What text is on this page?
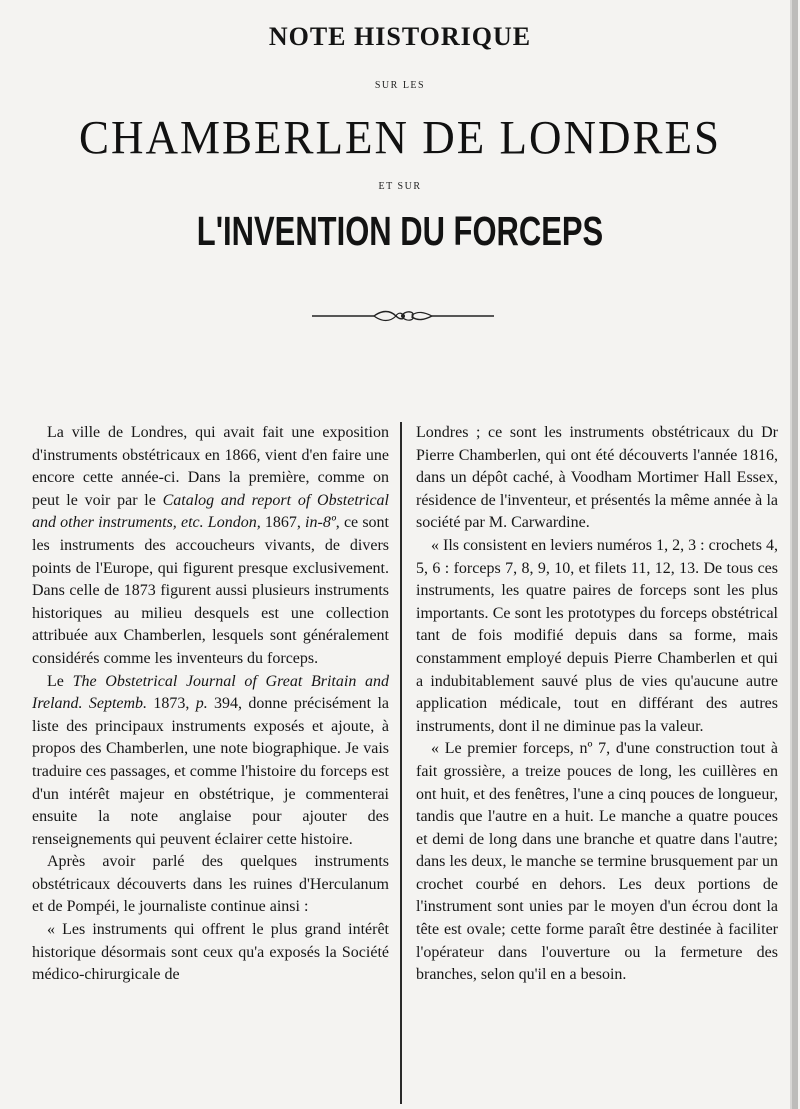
NOTE HISTORIQUE
SUR LES
CHAMBERLEN DE LONDRES
ET SUR
L'INVENTION DU FORCEPS

La ville de Londres, qui avait fait une exposition d'instruments obstétricaux en 1866, vient d'en faire une encore cette année-ci. Dans la première, comme on peut le voir par le Catalog and report of Obstetrical and other instruments, etc. London, 1867, in-8º, ce sont les instruments des accoucheurs vivants, de divers points de l'Europe, qui figurent presque exclusivement. Dans celle de 1873 figurent aussi plusieurs instruments historiques au milieu desquels est une collection attribuée aux Chamberlen, lesquels sont généralement considérés comme les inventeurs du forceps.

Le The Obstetrical Journal of Great Britain and Ireland. Septemb. 1873, p. 394, donne précisément la liste des principaux instruments exposés et ajoute, à propos des Chamberlen, une note biographique. Je vais traduire ces passages, et comme l'histoire du forceps est d'un intérêt majeur en obstétrique, je commenterai ensuite la note anglaise pour ajouter des renseignements qui peuvent éclairer cette histoire.

Après avoir parlé des quelques instruments obstétricaux découverts dans les ruines d'Herculanum et de Pompéi, le journaliste continue ainsi :

« Les instruments qui offrent le plus grand intérêt historique désormais sont ceux qu'a exposés la Société médico-chirurgicale de

Londres ; ce sont les instruments obstétricaux du Dr Pierre Chamberlen, qui ont été découverts l'année 1816, dans un dépôt caché, à Voodham Mortimer Hall Essex, résidence de l'inventeur, et présentés la même année à la société par M. Carwardine.

« Ils consistent en leviers numéros 1, 2, 3 : crochets 4, 5, 6 : forceps 7, 8, 9, 10, et filets 11, 12, 13. De tous ces instruments, les quatre paires de forceps sont les plus importants. Ce sont les prototypes du forceps obstétrical tant de fois modifié depuis dans sa forme, mais constamment employé depuis Pierre Chamberlen et qui a indubitablement sauvé plus de vies qu'aucune autre application médicale, tout en différant des autres instruments, dont il ne diminue pas la valeur.

« Le premier forceps, nº 7, d'une construction tout à fait grossière, a treize pouces de long, les cuillères en ont huit, et des fenêtres, l'une a cinq pouces de longueur, tandis que l'autre en a huit. Le manche a quatre pouces et demi de long dans une branche et quatre dans l'autre; dans les deux, le manche se termine brusquement par un crochet courbé en dehors. Les deux portions de l'instrument sont unies par le moyen d'un écrou dont la tête est ovale; cette forme paraît être destinée à faciliter l'opérateur dans l'ouverture ou la fermeture des branches, selon qu'il en a besoin.
